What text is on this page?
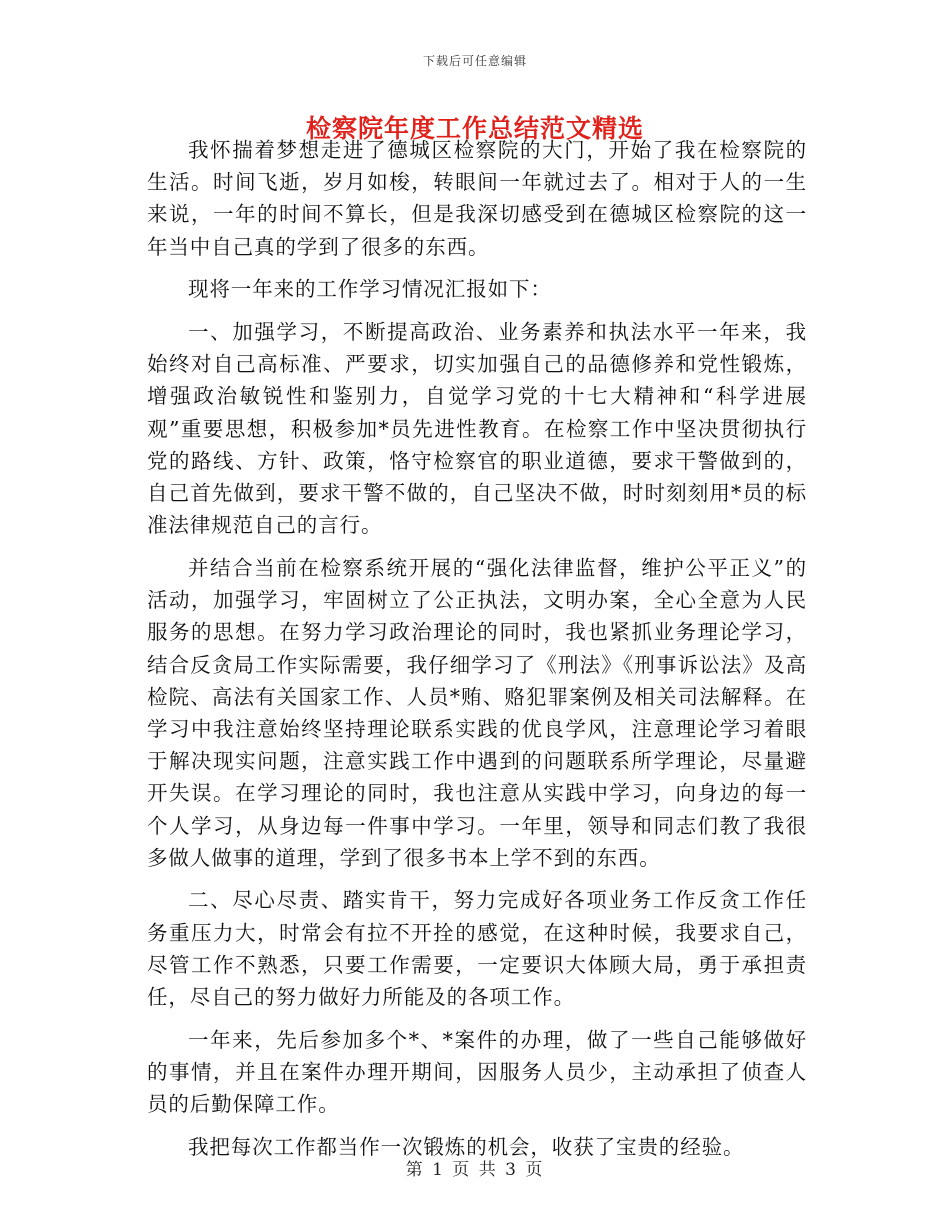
下载后可任意编辑
检察院年度工作总结范文精选

我怀揣着梦想走进了德城区检察院的大门，开始了我在检察院的生活。时间飞逝，岁月如梭，转眼间一年就过去了。相对于人的一生来说，一年的时间不算长，但是我深切感受到在德城区检察院的这一年当中自己真的学到了很多的东西。

现将一年来的工作学习情况汇报如下：

一、加强学习，不断提高政治、业务素养和执法水平一年来，我始终对自己高标准、严要求，切实加强自己的品德修养和党性锻炼，增强政治敏锐性和鉴别力，自觉学习党的十七大精神和“科学进展观”重要思想，积极参加*员先进性教育。在检察工作中坚决贯彻执行党的路线、方针、政策，恪守检察官的职业道德，要求干警做到的，自己首先做到，要求干警不做的，自己坚决不做，时时刻刻用*员的标准法律规范自己的言行。

并结合当前在检察系统开展的“强化法律监督，维护公平正义”的活动，加强学习，牢固树立了公正执法，文明办案，全心全意为人民服务的思想。在努力学习政治理论的同时，我也紧抓业务理论学习，结合反贪局工作实际需要，我仔细学习了《刑法》《刑事诉讼法》及高检院、高法有关国家工作、人员*贿、赂犯罪案例及相关司法解释。在学习中我注意始终坚持理论联系实践的优良学风，注意理论学习着眼于解决现实问题，注意实践工作中遇到的问题联系所学理论，尽量避开失误。在学习理论的同时，我也注意从实践中学习，向身边的每一个人学习，从身边每一件事中学习。一年里，领导和同志们教了我很多做人做事的道理，学到了很多书本上学不到的东西。

二、尽心尽责、踏实肯干，努力完成好各项业务工作反贪工作任务重压力大，时常会有拉不开拴的感觉，在这种时候，我要求自己，尽管工作不熟悉，只要工作需要，一定要识大体顾大局，勇于承担责任，尽自己的努力做好力所能及的各项工作。

一年来，先后参加多个*、*案件的办理，做了一些自己能够做好的事情，并且在案件办理开期间，因服务人员少，主动承担了侦查人员的后勤保障工作。

我把每次工作都当作一次锻炼的机会，收获了宝贵的经验。

第 1 页 共 3 页
